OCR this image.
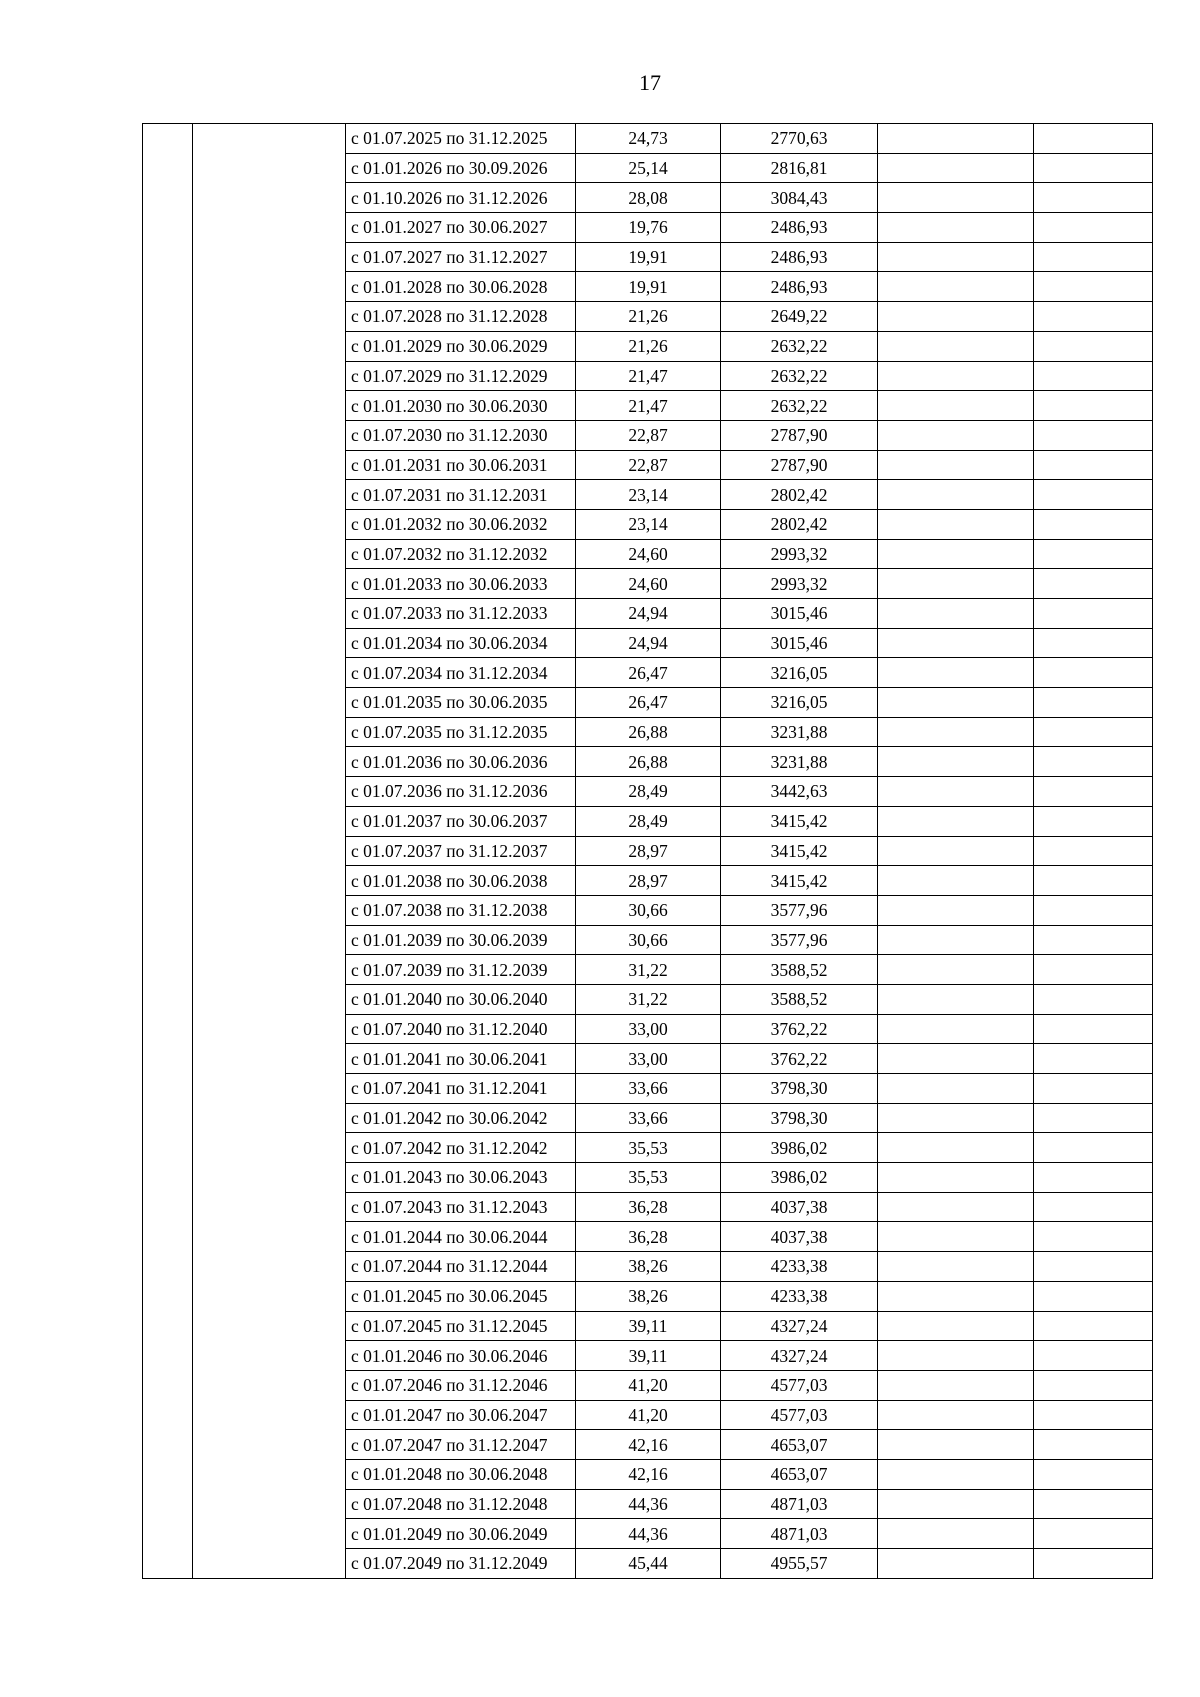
17
		с 01.07.2025 по 31.12.2025	24,73	2770,63		
		с 01.01.2026 по 30.09.2026	25,14	2816,81		
		с 01.10.2026 по 31.12.2026	28,08	3084,43		
		с 01.01.2027 по 30.06.2027	19,76	2486,93		
		с 01.07.2027 по 31.12.2027	19,91	2486,93		
		с 01.01.2028 по 30.06.2028	19,91	2486,93		
		с 01.07.2028 по 31.12.2028	21,26	2649,22		
		с 01.01.2029 по 30.06.2029	21,26	2632,22		
		с 01.07.2029 по 31.12.2029	21,47	2632,22		
		с 01.01.2030 по 30.06.2030	21,47	2632,22		
		с 01.07.2030 по 31.12.2030	22,87	2787,90		
		с 01.01.2031 по 30.06.2031	22,87	2787,90		
		с 01.07.2031 по 31.12.2031	23,14	2802,42		
		с 01.01.2032 по 30.06.2032	23,14	2802,42		
		с 01.07.2032 по 31.12.2032	24,60	2993,32		
		с 01.01.2033 по 30.06.2033	24,60	2993,32		
		с 01.07.2033 по 31.12.2033	24,94	3015,46		
		с 01.01.2034 по 30.06.2034	24,94	3015,46		
		с 01.07.2034 по 31.12.2034	26,47	3216,05		
		с 01.01.2035 по 30.06.2035	26,47	3216,05		
		с 01.07.2035 по 31.12.2035	26,88	3231,88		
		с 01.01.2036 по 30.06.2036	26,88	3231,88		
		с 01.07.2036 по 31.12.2036	28,49	3442,63		
		с 01.01.2037 по 30.06.2037	28,49	3415,42		
		с 01.07.2037 по 31.12.2037	28,97	3415,42		
		с 01.01.2038 по 30.06.2038	28,97	3415,42		
		с 01.07.2038 по 31.12.2038	30,66	3577,96		
		с 01.01.2039 по 30.06.2039	30,66	3577,96		
		с 01.07.2039 по 31.12.2039	31,22	3588,52		
		с 01.01.2040 по 30.06.2040	31,22	3588,52		
		с 01.07.2040 по 31.12.2040	33,00	3762,22		
		с 01.01.2041 по 30.06.2041	33,00	3762,22		
		с 01.07.2041 по 31.12.2041	33,66	3798,30		
		с 01.01.2042 по 30.06.2042	33,66	3798,30		
		с 01.07.2042 по 31.12.2042	35,53	3986,02		
		с 01.01.2043 по 30.06.2043	35,53	3986,02		
		с 01.07.2043 по 31.12.2043	36,28	4037,38		
		с 01.01.2044 по 30.06.2044	36,28	4037,38		
		с 01.07.2044 по 31.12.2044	38,26	4233,38		
		с 01.01.2045 по 30.06.2045	38,26	4233,38		
		с 01.07.2045 по 31.12.2045	39,11	4327,24		
		с 01.01.2046 по 30.06.2046	39,11	4327,24		
		с 01.07.2046 по 31.12.2046	41,20	4577,03		
		с 01.01.2047 по 30.06.2047	41,20	4577,03		
		с 01.07.2047 по 31.12.2047	42,16	4653,07		
		с 01.01.2048 по 30.06.2048	42,16	4653,07		
		с 01.07.2048 по 31.12.2048	44,36	4871,03		
		с 01.01.2049 по 30.06.2049	44,36	4871,03		
		с 01.07.2049 по 31.12.2049	45,44	4955,57		
